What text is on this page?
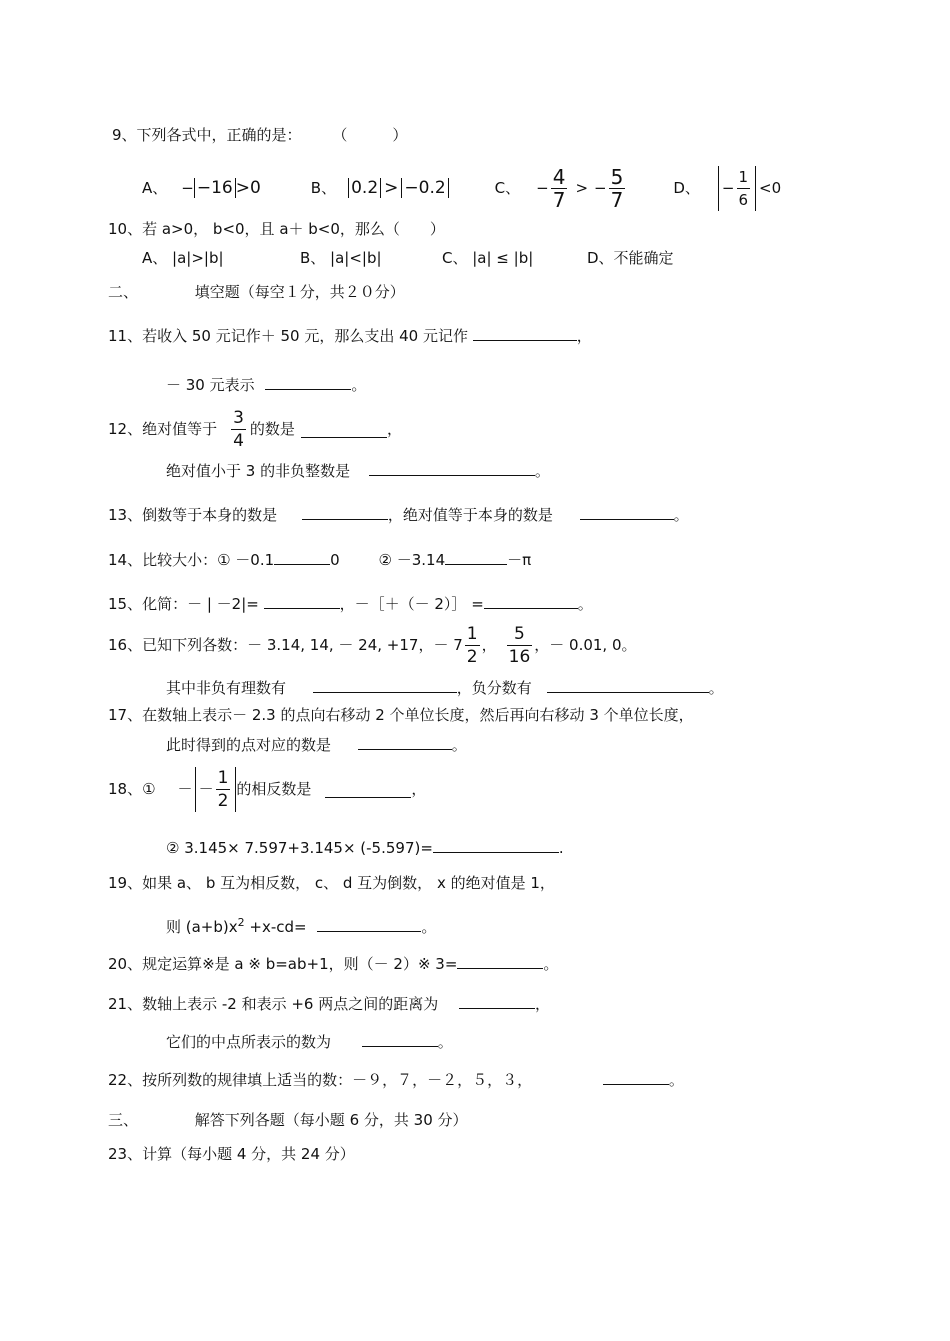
9、下列各式中，正确的是： （　　　）
A、 − −16 >0	B、 0.2 > −0.2	C、 − $\frac{4}{7}$ > − $\frac{5}{7}$	D、 − $\frac{1}{6} <0$
10、若 a>0， b<0，且 a＋ b<0，那么（　　）
A、 |a|>|b|	B、 |a|<|b|	C、 |a| ≤ |b|	D、不能确定
二、	填空题（每空１分，共２０分）
11、若收入 50 元记作＋ 50 元，那么支出 40 元记作	，
－ 30 元表示	。
12、绝对值等于 $\frac{3}{4}$ 的数是	，
绝对值小于 3 的非负整数是	。
13、倒数等于本身的数是	，绝对值等于本身的数是	。
14、比较大小：① －0.1	0	② －3.14	－π
15、化简：－ | －2|=	，－［＋（－ 2）］ =	。
16、已知下列各数：－ 3.14, 14, － 24, +17，－ $7 \frac{1}{2}$ ， $\frac{5}{16}$ ，－ 0.01, 0。
其中非负有理数有	，负分数有	。
17、在数轴上表示－ 2.3 的点向右移动 2 个单位长度，然后再向右移动 3 个单位长度，
此时得到的点对应的数是	。
18、① － － $\frac{1}{2}$ 的相反数是	，
② 3.145× 7.597+3.145× (-5.597)=	.
19、如果 a、 b 互为相反数， c、 d 互为倒数， x 的绝对值是 1，
则 $(a+b)x^2 +x-cd=$	。
20、规定运算※是 a ※ b=ab+1，则（－ 2）※ 3=	。
21、数轴上表示 -2 和表示 +6 两点之间的距离为	，
它们的中点所表示的数为	。
22、按所列数的规律填上适当的数：－９，７，－２，５，３，	。
三、	解答下列各题（每小题 6 分，共 30 分）
23、计算（每小题 4 分，共 24 分）
